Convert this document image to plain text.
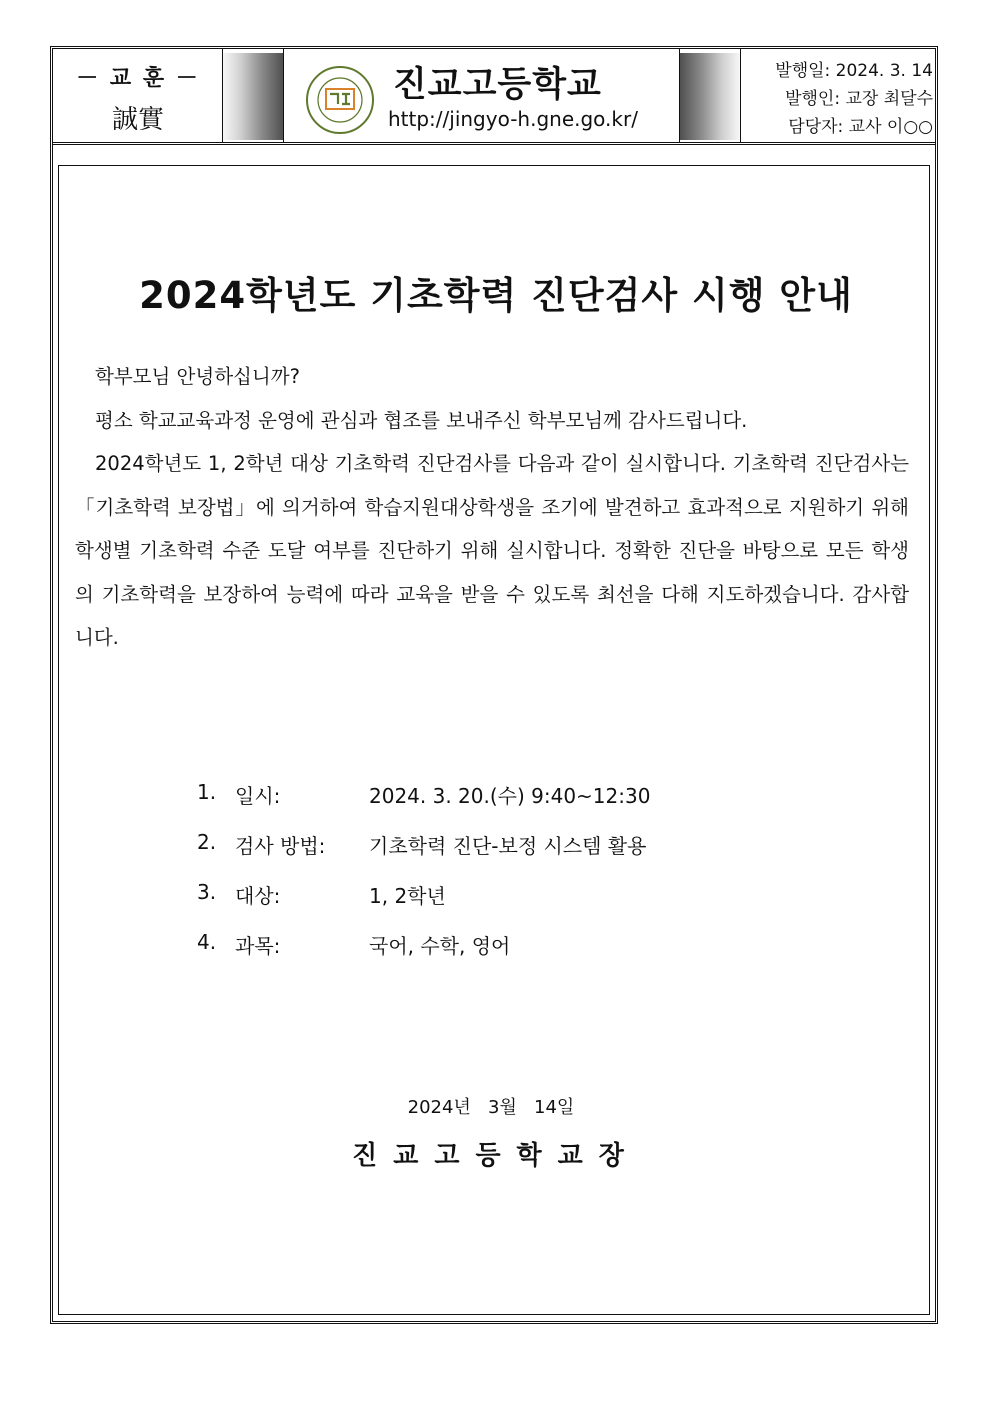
－ 교 훈 －
誠實
진교고등학교
http://jingyo-h.gne.go.kr/
발행일: 2024. 3. 14
발행인: 교장 최달수
담당자: 교사 이○○
2024학년도 기초학력 진단검사 시행 안내

학부모님 안녕하십니까?

평소 학교교육과정 운영에 관심과 협조를 보내주신 학부모님께 감사드립니다.

2024학년도 1, 2학년 대상 기초학력 진단검사를 다음과 같이 실시합니다. 기초학력 진단검사는「기초학력 보장법」에 의거하여 학습지원대상학생을 조기에 발견하고 효과적으로 지원하기 위해 학생별 기초학력 수준 도달 여부를 진단하기 위해 실시합니다. 정확한 진단을 바탕으로 모든 학생의 기초학력을 보장하여 능력에 따라 교육을 받을 수 있도록 최선을 다해 지도하겠습니다. 감사합니다.

1. 일시:	2024. 3. 20.(수) 9:40~12:30
2. 검사 방법: 기초학력 진단-보정 시스템 활용
3. 대상:	1, 2학년
4. 과목:	국어, 수학, 영어
2024년   3월   14일
진교고등학교장
